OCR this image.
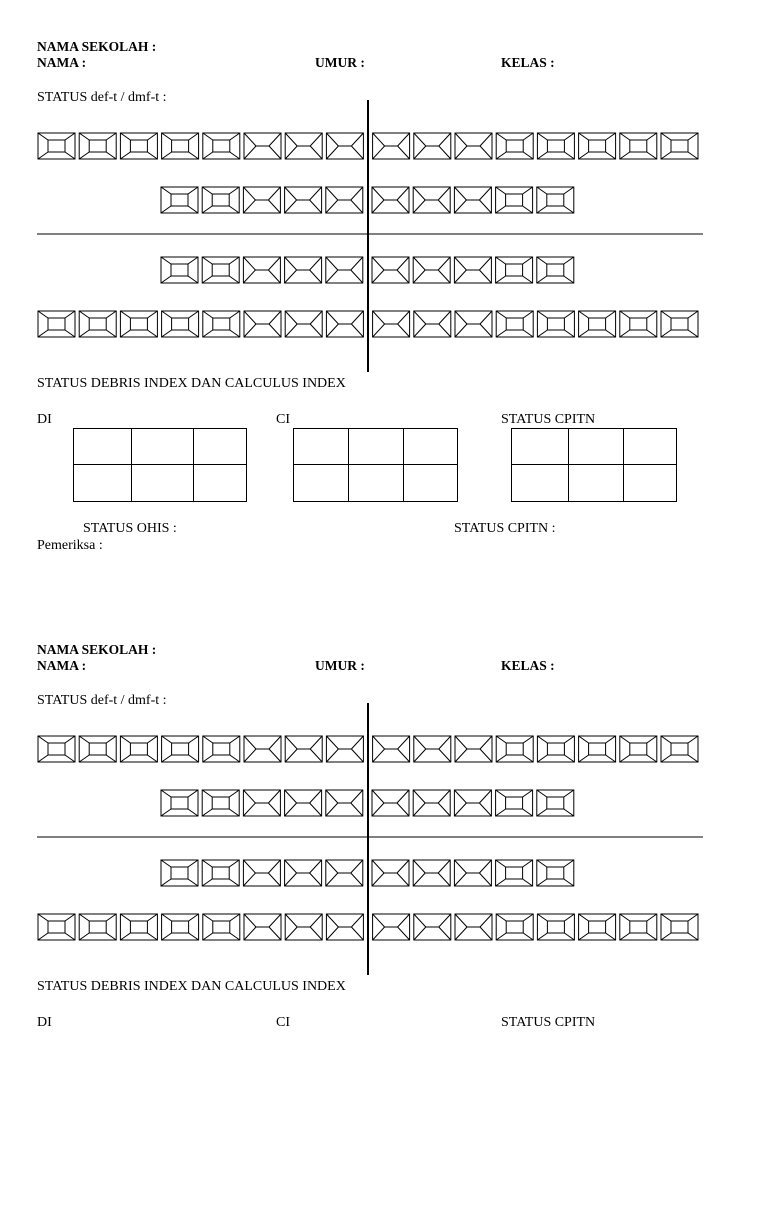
NAMA SEKOLAH :
NAMA :	UMUR :	KELAS :
STATUS def-t / dmf-t :
STATUS DEBRIS INDEX DAN CALCULUS INDEX
DI	CI	STATUS CPITN
STATUS OHIS :	STATUS CPITN :
Pemeriksa :
NAMA SEKOLAH :
NAMA :	UMUR :	KELAS :
STATUS def-t / dmf-t :
STATUS DEBRIS INDEX DAN CALCULUS INDEX
DI	CI	STATUS CPITN
